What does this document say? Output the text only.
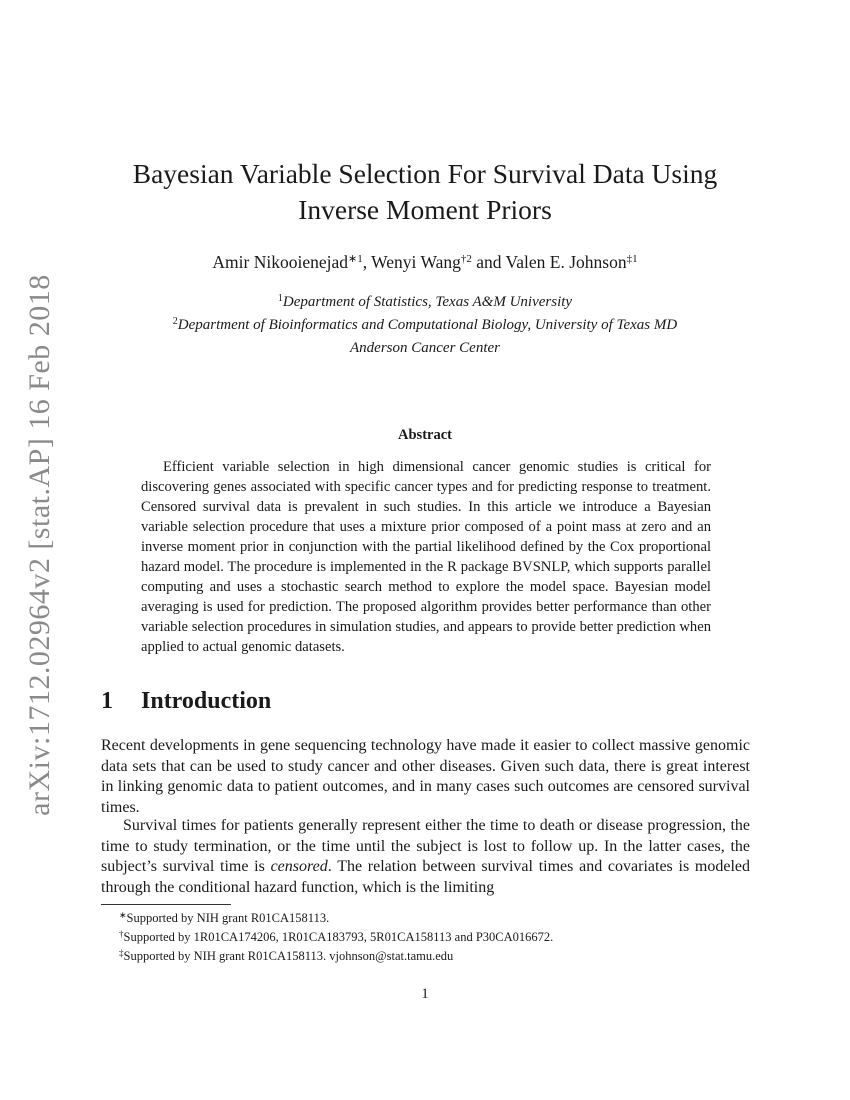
arXiv:1712.02964v2 [stat.AP] 16 Feb 2018
Bayesian Variable Selection For Survival Data Using
Inverse Moment Priors
Amir Nikooienejad$^{∗1}$, Wenyi Wang$^{\dagger 2}$ and Valen E. Johnson$^{\ddagger 1}$
$^1$Department of Statistics, Texas A&M University
$^2$Department of Bioinformatics and Computational Biology, University of Texas MD
Anderson Cancer Center
Abstract

Efficient variable selection in high dimensional cancer genomic studies is critical for discovering genes associated with specific cancer types and for predicting response to treatment. Censored survival data is prevalent in such studies. In this article we introduce a Bayesian variable selection procedure that uses a mixture prior composed of a point mass at zero and an inverse moment prior in conjunction with the partial likelihood defined by the Cox proportional hazard model. The procedure is implemented in the R package BVSNLP, which supports parallel computing and uses a stochastic search method to explore the model space. Bayesian model averaging is used for prediction. The proposed algorithm provides better performance than other variable selection procedures in simulation studies, and appears to provide better prediction when applied to actual genomic datasets.

1 Introduction

Recent developments in gene sequencing technology have made it easier to collect massive genomic data sets that can be used to study cancer and other diseases. Given such data, there is great interest in linking genomic data to patient outcomes, and in many cases such outcomes are censored survival times.

Survival times for patients generally represent either the time to death or disease progression, the time to study termination, or the time until the subject is lost to follow up. In the latter cases, the subject’s survival time is censored. The relation between survival times and covariates is modeled through the conditional hazard function, which is the limiting

∗Supported by NIH grant R01CA158113.
†Supported by 1R01CA174206, 1R01CA183793, 5R01CA158113 and P30CA016672.
‡Supported by NIH grant R01CA158113. vjohnson@stat.tamu.edu
1
